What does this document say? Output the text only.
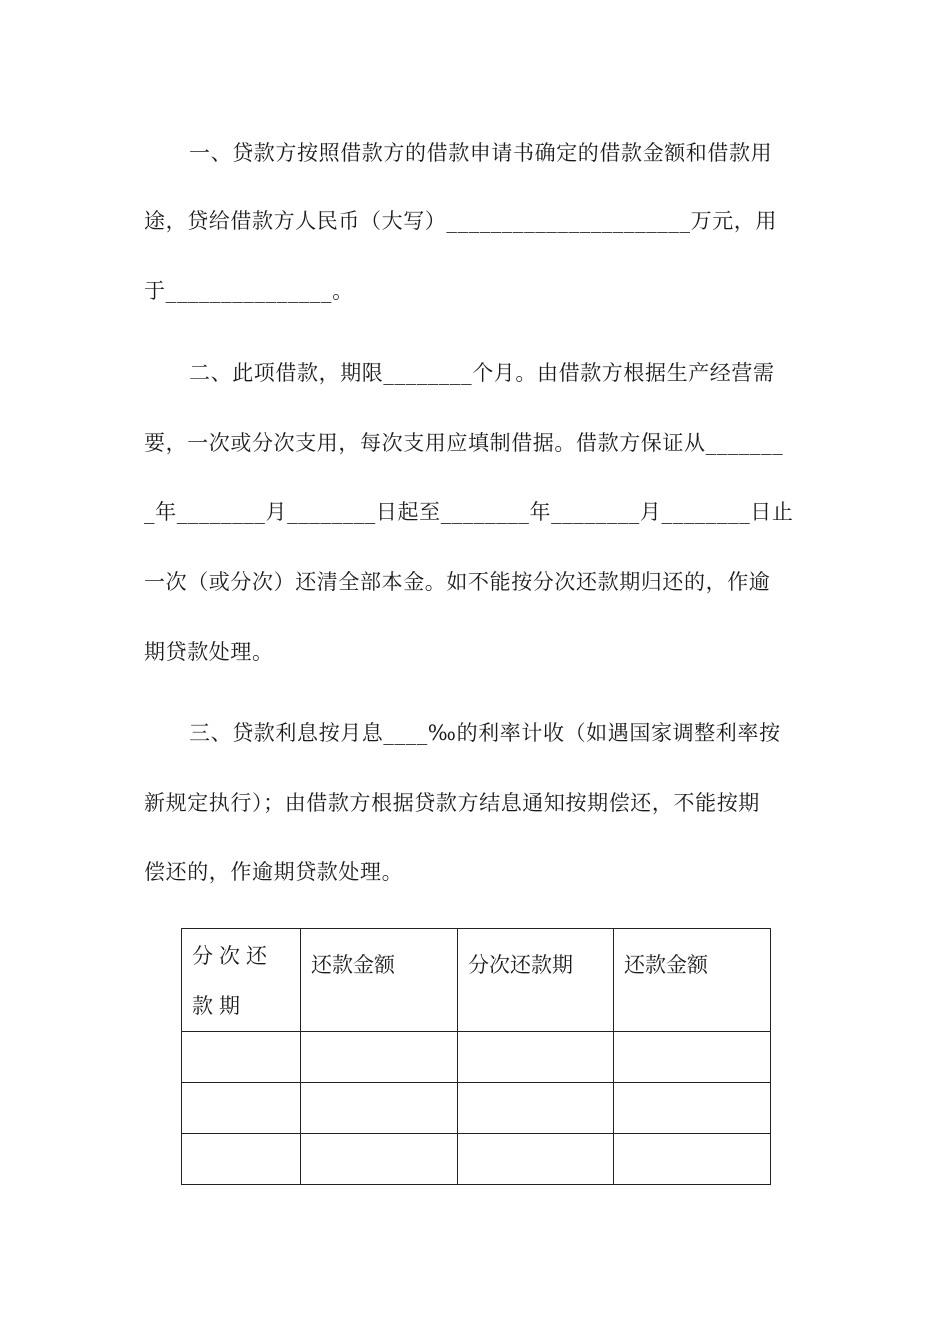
一、贷款方按照借款方的借款申请书确定的借款金额和借款用
途，贷给借款方人民币（大写）______________________万元，用
于_______________。
二、此项借款，期限________个月。由借款方根据生产经营需
要，一次或分次支用，每次支用应填制借据。借款方保证从_______
_年________月________日起至________年________月________日止
一次（或分次）还清全部本金。如不能按分次还款期归还的，作逾
期贷款处理。
三、贷款利息按月息____‰的利率计收（如遇国家调整利率按
新规定执行）；由借款方根据贷款方结息通知按期偿还，不能按期
偿还的，作逾期贷款处理。
分次还款期	还款金额	分次还款期	还款金额
